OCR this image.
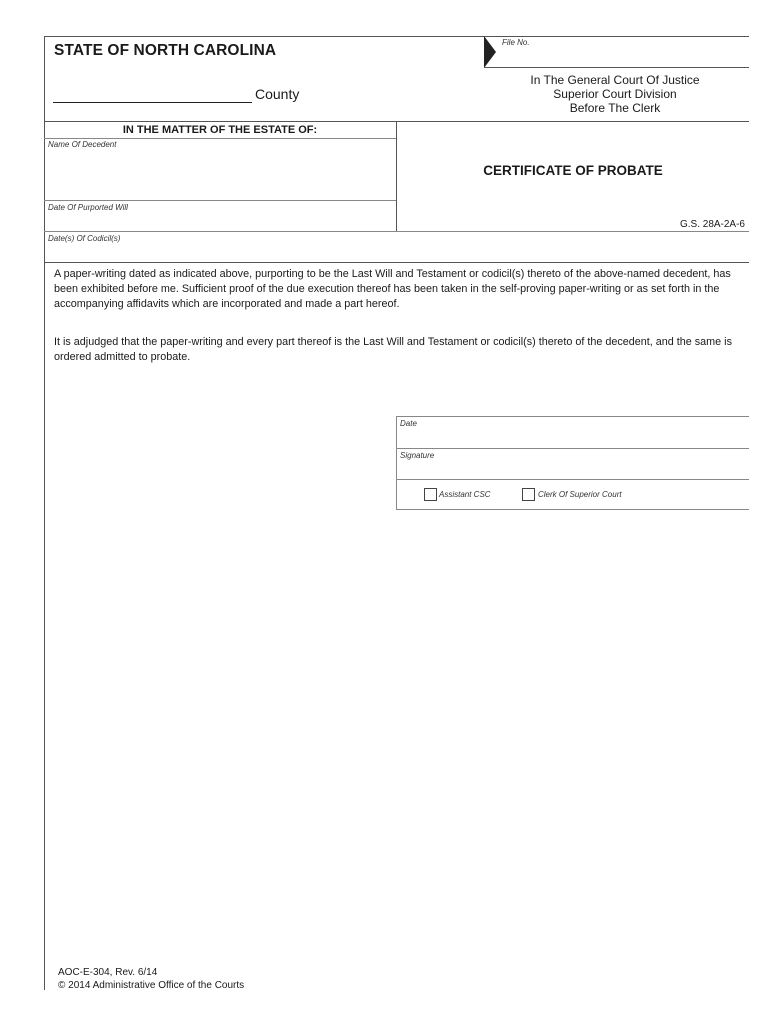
STATE OF NORTH CAROLINA
County
File No.
In The General Court Of Justice
Superior Court Division
Before The Clerk
IN THE MATTER OF THE ESTATE OF:
Name Of Decedent
Date Of Purported Will
CERTIFICATE OF PROBATE
G.S. 28A-2A-6
Date(s) Of Codicil(s)
A paper-writing dated as indicated above, purporting to be the Last Will and Testament or codicil(s) thereto of the above-named decedent, has been exhibited before me. Sufficient proof of the due execution thereof has been taken in the self-proving paper-writing or as set forth in the accompanying affidavits which are incorporated and made a part hereof.
It is adjudged that the paper-writing and every part thereof is the Last Will and Testament or codicil(s) thereto of the decedent, and the same is ordered admitted to probate.
Date
Signature
Assistant CSC	Clerk Of Superior Court
AOC-E-304, Rev. 6/14
© 2014 Administrative Office of the Courts
